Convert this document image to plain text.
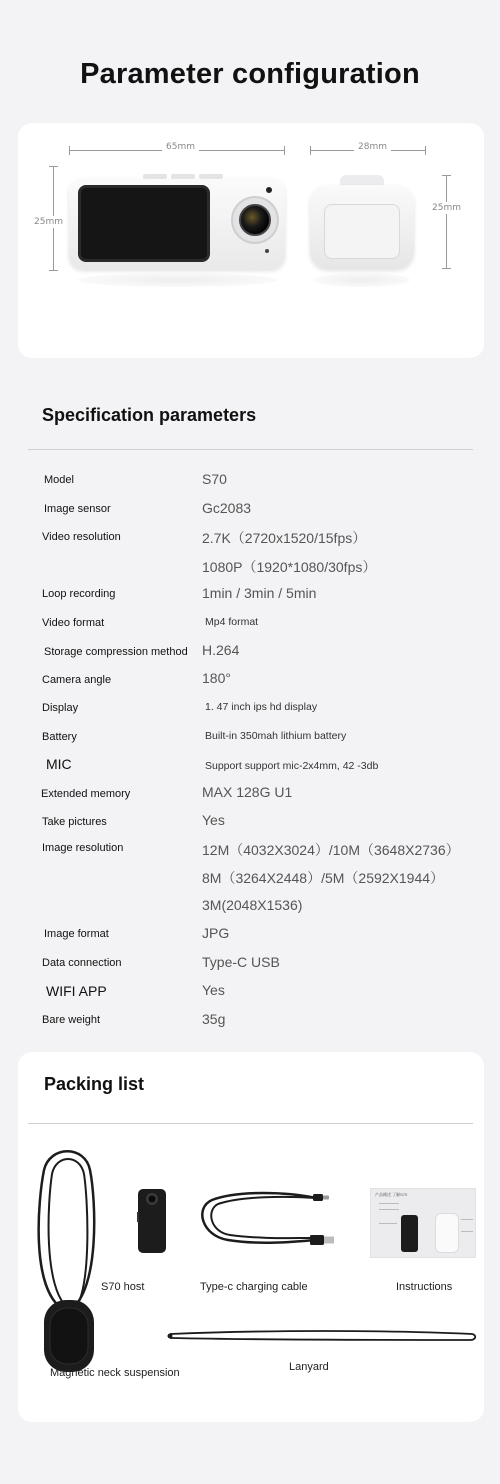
Parameter configuration
65mm
25mm
28mm
25mm
Specification parameters
Model	S70
Image sensor	Gc2083
Video resolution	2.7K（2720x1520/15fps）
1080P（1920*1080/30fps）
Loop recording	1min / 3min / 5min
Video format	Mp4 format
Storage compression method H.264
Camera angle	180°
Display	1. 47 inch ips hd display
Battery	Built-in 350mah lithium battery
MIC	Support support mic-2x4mm, 42 -3db
Extended memory	MAX 128G U1
Take pictures	Yes
Image resolution	12M（4032X3024）/10M（3648X2736）
8M（3264X2448）/5M（2592X1944）
3M(2048X1536)
Image format	JPG
Data connection	Type-C USB
WIFI APP	Yes
Bare weight	35g
Packing list
产品概述 了解S70
S70 host	Type-c charging cable	Instructions
Magnetic neck suspension	Lanyard
